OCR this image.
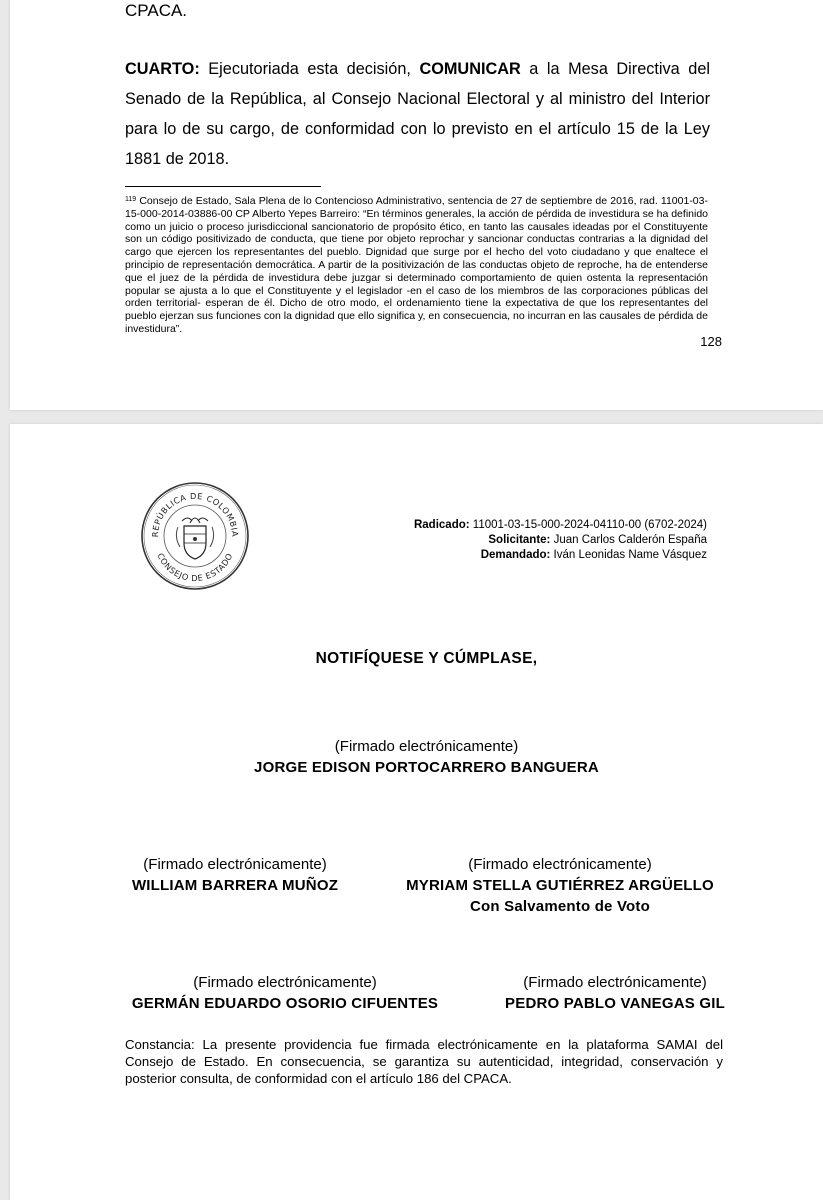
CPACA.
CUARTO: Ejecutoriada esta decisión, COMUNICAR a la Mesa Directiva del Senado de la República, al Consejo Nacional Electoral y al ministro del Interior para lo de su cargo, de conformidad con lo previsto en el artículo 15 de la Ley 1881 de 2018.
$^{119}$ Consejo de Estado, Sala Plena de lo Contencioso Administrativo, sentencia de 27 de septiembre de 2016, rad. 11001-03-15-000-2014-03886-00 CP Alberto Yepes Barreiro: “En términos generales, la acción de pérdida de investidura se ha definido como un juicio o proceso jurisdiccional sancionatorio de propósito ético, en tanto las causales ideadas por el Constituyente son un código positivizado de conducta, que tiene por objeto reprochar y sancionar conductas contrarias a la dignidad del cargo que ejercen los representantes del pueblo. Dignidad que surge por el hecho del voto ciudadano y que enaltece el principio de representación democrática. A partir de la positivización de las conductas objeto de reproche, ha de entenderse que el juez de la pérdida de investidura debe juzgar si determinado comportamiento de quien ostenta la representación popular se ajusta a lo que el Constituyente y el legislador -en el caso de los miembros de las corporaciones públicas del orden territorial- esperan de él. Dicho de otro modo, el ordenamiento tiene la expectativa de que los representantes del pueblo ejerzan sus funciones con la dignidad que ello significa y, en consecuencia, no incurran en las causales de pérdida de investidura”.
128
REPÚBLICA DE COLOMBIA
CONSEJO DE ESTADO
Radicado: 11001-03-15-000-2024-04110-00 (6702-2024)
Solicitante: Juan Carlos Calderón España
Demandado: Iván Leonidas Name Vásquez
NOTIFÍQUESE Y CÚMPLASE,
(Firmado electrónicamente)
JORGE EDISON PORTOCARRERO BANGUERA
(Firmado electrónicamente)
WILLIAM BARRERA MUÑOZ
(Firmado electrónicamente)
MYRIAM STELLA GUTIÉRREZ ARGÜELLO
Con Salvamento de Voto
(Firmado electrónicamente)
GERMÁN EDUARDO OSORIO CIFUENTES
(Firmado electrónicamente)
PEDRO PABLO VANEGAS GIL
Constancia: La presente providencia fue firmada electrónicamente en la plataforma SAMAI del Consejo de Estado. En consecuencia, se garantiza su autenticidad, integridad, conservación y posterior consulta, de conformidad con el artículo 186 del CPACA.
